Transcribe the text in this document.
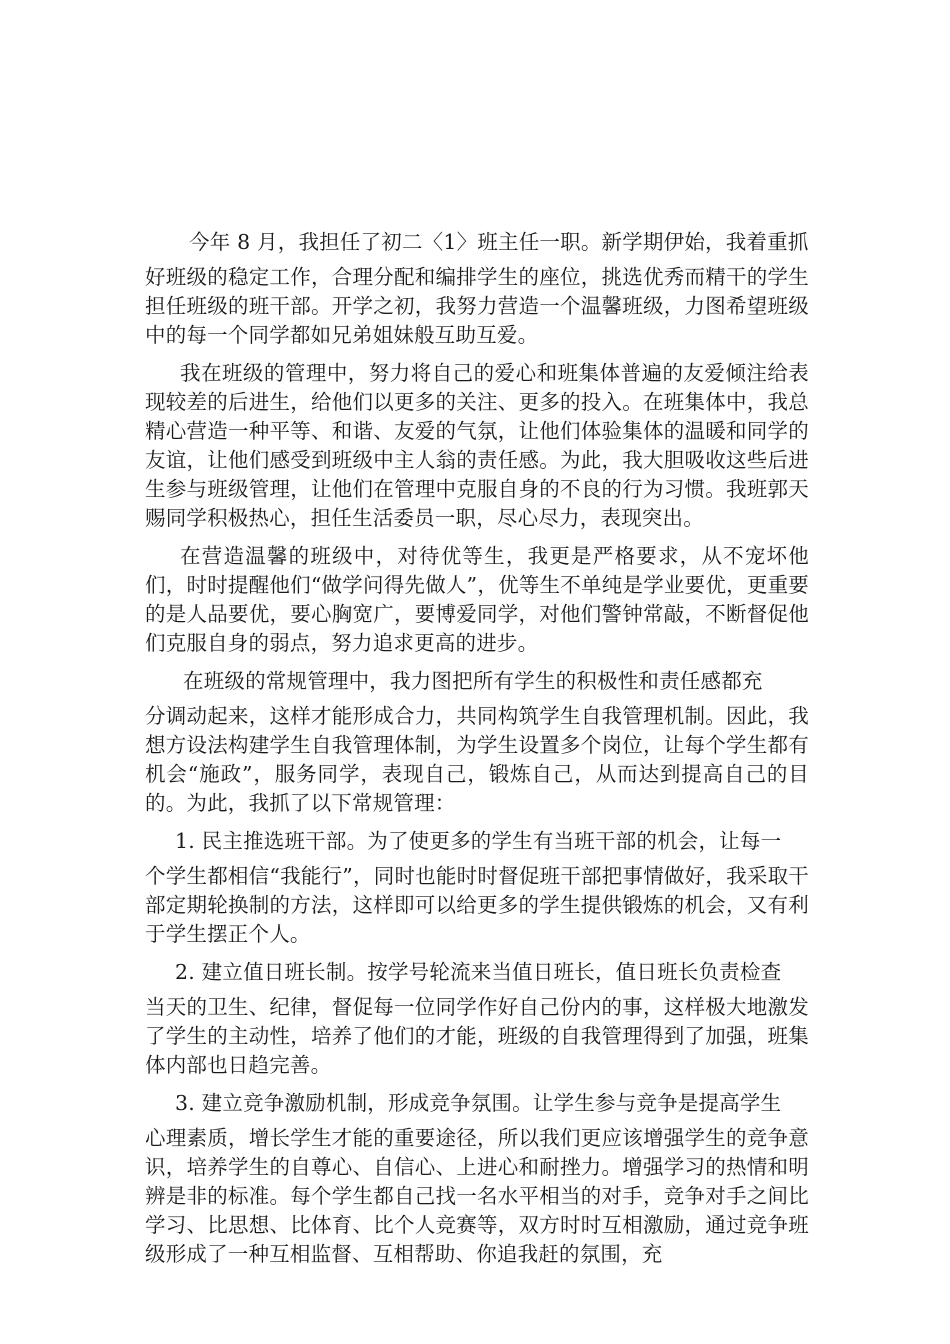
今年 8 月，我担任了初二〈1〉班主任一职。新学期伊始，我着重抓
好班级的稳定工作，合理分配和编排学生的座位，挑选优秀而精干的学生担任班级的班干部。开学之初，我努力营造一个温馨班级，力图希望班级中的每一个同学都如兄弟姐妹般互助互爱。
我在班级的管理中，努力将自己的爱心和班集体普遍的友爱倾注给表现较差的后进生，给他们以更多的关注、更多的投入。在班集体中，我总精心营造一种平等、和谐、友爱的气氛，让他们体验集体的温暖和同学的友谊，让他们感受到班级中主人翁的责任感。为此，我大胆吸收这些后进生参与班级管理，让他们在管理中克服自身的不良的行为习惯。我班郭天赐同学积极热心，担任生活委员一职，尽心尽力，表现突出。
在营造温馨的班级中，对待优等生，我更是严格要求，从不宠坏他们，时时提醒他们“做学问得先做人”，优等生不单纯是学业要优，更重要的是人品要优，要心胸宽广，要博爱同学，对他们警钟常敲，不断督促他们克服自身的弱点，努力追求更高的进步。
在班级的常规管理中，我力图把所有学生的积极性和责任感都充
分调动起来，这样才能形成合力，共同构筑学生自我管理机制。因此，我想方设法构建学生自我管理体制，为学生设置多个岗位，让每个学生都有机会“施政”，服务同学，表现自己，锻炼自己，从而达到提高自己的目的。为此，我抓了以下常规管理：
1. 民主推选班干部。为了使更多的学生有当班干部的机会，让每一
个学生都相信“我能行”，同时也能时时督促班干部把事情做好，我采取干部定期轮换制的方法，这样即可以给更多的学生提供锻炼的机会，又有利于学生摆正个人。
2. 建立值日班长制。按学号轮流来当值日班长，值日班长负责检查
当天的卫生、纪律，督促每一位同学作好自己份内的事，这样极大地激发了学生的主动性，培养了他们的才能，班级的自我管理得到了加强，班集体内部也日趋完善。
3. 建立竞争激励机制，形成竞争氛围。让学生参与竞争是提高学生
心理素质，增长学生才能的重要途径，所以我们更应该增强学生的竞争意识，培养学生的自尊心、自信心、上进心和耐挫力。增强学习的热情和明辨是非的标准。每个学生都自己找一名水平相当的对手，竞争对手之间比学习、比思想、比体育、比个人竞赛等，双方时时互相激励，通过竞争班级形成了一种互相监督、互相帮助、你追我赶的氛围，充
